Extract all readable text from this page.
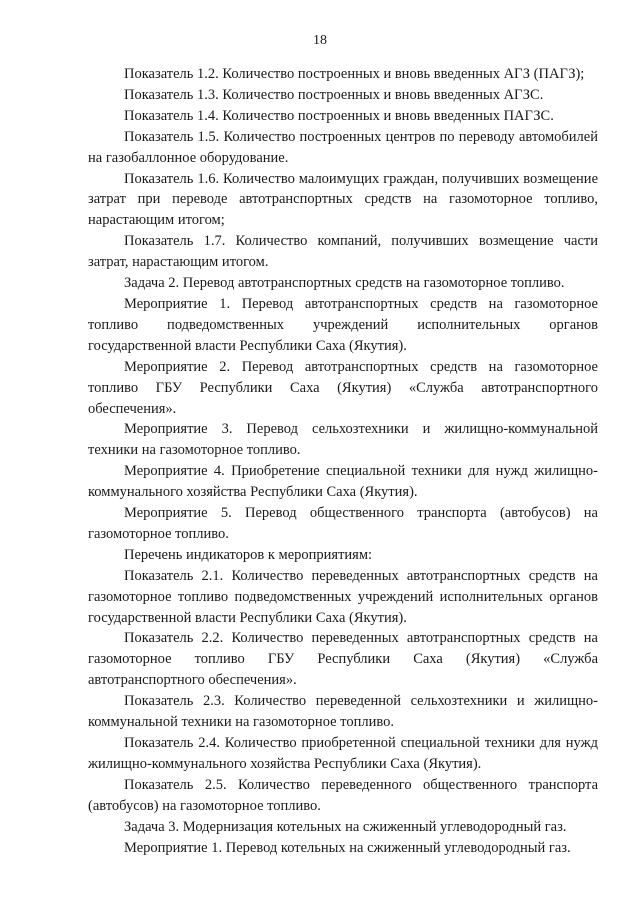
18

Показатель 1.2. Количество построенных и вновь введенных АГЗ (ПАГЗ);

Показатель 1.3. Количество построенных и вновь введенных АГЗС.

Показатель 1.4. Количество построенных и вновь введенных ПАГЗС.

Показатель 1.5. Количество построенных центров по переводу автомобилей на газобаллонное оборудование.

Показатель 1.6. Количество малоимущих граждан, получивших возмещение затрат при переводе автотранспортных средств на газомоторное топливо, нарастающим итогом;

Показатель 1.7. Количество компаний, получивших возмещение части затрат, нарастающим итогом.

Задача 2. Перевод автотранспортных средств на газомоторное топливо.

Мероприятие 1. Перевод автотранспортных средств на газомоторное топливо подведомственных учреждений исполнительных органов государственной власти Республики Саха (Якутия).

Мероприятие 2. Перевод автотранспортных средств на газомоторное топливо ГБУ Республики Саха (Якутия) «Служба автотранспортного обеспечения».

Мероприятие 3. Перевод сельхозтехники и жилищно-коммунальной техники на газомоторное топливо.

Мероприятие 4. Приобретение специальной техники для нужд жилищно-коммунального хозяйства Республики Саха (Якутия).

Мероприятие 5. Перевод общественного транспорта (автобусов) на газомоторное топливо.

Перечень индикаторов к мероприятиям:

Показатель 2.1. Количество переведенных автотранспортных средств на газомоторное топливо подведомственных учреждений исполнительных органов государственной власти Республики Саха (Якутия).

Показатель 2.2. Количество переведенных автотранспортных средств на газомоторное топливо ГБУ Республики Саха (Якутия) «Служба автотранспортного обеспечения».

Показатель 2.3. Количество переведенной сельхозтехники и жилищно-коммунальной техники на газомоторное топливо.

Показатель 2.4. Количество приобретенной специальной техники для нужд жилищно-коммунального хозяйства Республики Саха (Якутия).

Показатель 2.5. Количество переведенного общественного транспорта (автобусов) на газомоторное топливо.

Задача 3. Модернизация котельных на сжиженный углеводородный газ.

Мероприятие 1. Перевод котельных на сжиженный углеводородный газ.
